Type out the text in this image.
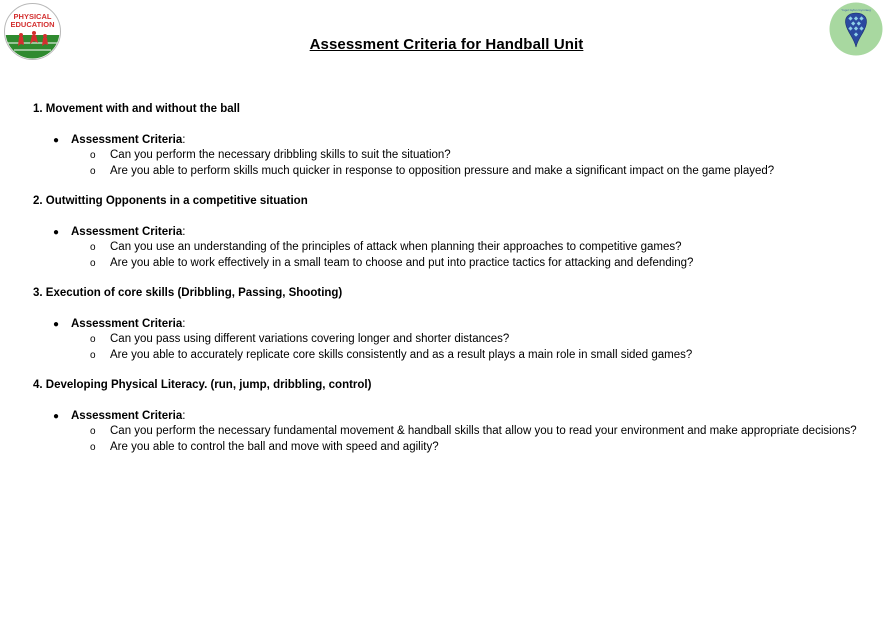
PHYSICAL
EDUCATION
Ysgol Gyfun Gymraeg
Assessment Criteria for Handball Unit
1. Movement with and without the ball
● Assessment Criteria:
o Can you perform the necessary dribbling skills to suit the situation?
o Are you able to perform skills much quicker in response to opposition pressure and make a significant impact on the game played?
2. Outwitting Opponents in a competitive situation
● Assessment Criteria:
o Can you use an understanding of the principles of attack when planning their approaches to competitive games?
o Are you able to work effectively in a small team to choose and put into practice tactics for attacking and defending?
3. Execution of core skills (Dribbling, Passing, Shooting)
● Assessment Criteria:
o Can you pass using different variations covering longer and shorter distances?
o Are you able to accurately replicate core skills consistently and as a result plays a main role in small sided games?
4. Developing Physical Literacy. (run, jump, dribbling, control)
● Assessment Criteria:
o Can you perform the necessary fundamental movement & handball skills that allow you to read your environment and make appropriate decisions?
o Are you able to control the ball and move with speed and agility?
